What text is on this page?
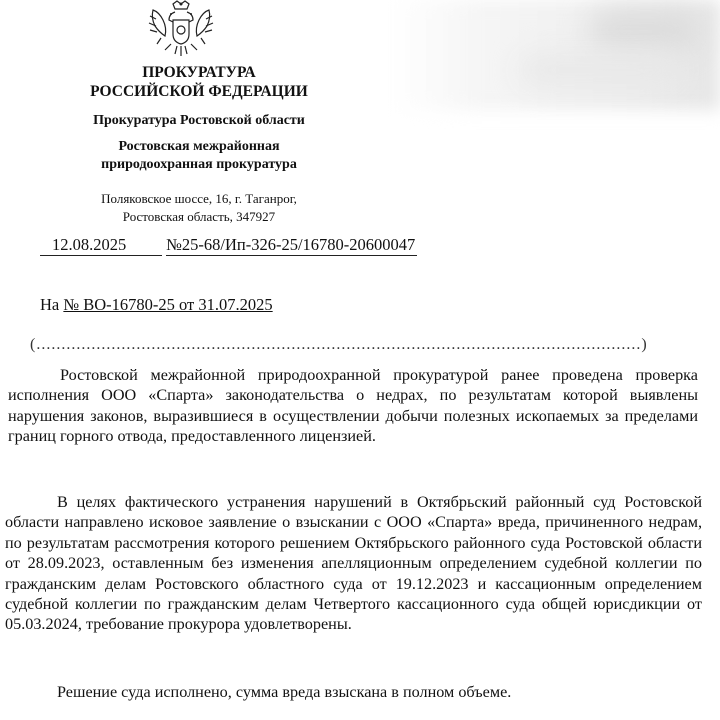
ПРОКУРАТУРА
РОССИЙСКОЙ ФЕДЕРАЦИИ
Прокуратура Ростовской области
Ростовская межрайонная
природоохранная прокуратура
Поляковское шоссе, 16, г. Таганрог,
Ростовская область, 347927
12.08.2025 №25-68/Ип-326-25/16780-20600047
На № ВО-16780-25 от 31.07.2025
(.........................................................................................................................)
Ростовской межрайонной природоохранной прокуратурой ранее проведена проверка исполнения ООО «Спарта» законодательства о недрах, по результатам которой выявлены нарушения законов, выразившиеся в осуществлении добычи полезных ископаемых за пределами границ горного отвода, предоставленного лицензией.
В целях фактического устранения нарушений в Октябрьский районный суд Ростовской области направлено исковое заявление о взыскании с ООО «Спарта» вреда, причиненного недрам, по результатам рассмотрения которого решением Октябрьского районного суда Ростовской области от 28.09.2023, оставленным без изменения апелляционным определением судебной коллегии по гражданским делам Ростовского областного суда от 19.12.2023 и кассационным определением судебной коллегии по гражданским делам Четвертого кассационного суда общей юрисдикции от 05.03.2024, требование прокурора удовлетворены.
Решение суда исполнено, сумма вреда взыскана в полном объеме.
